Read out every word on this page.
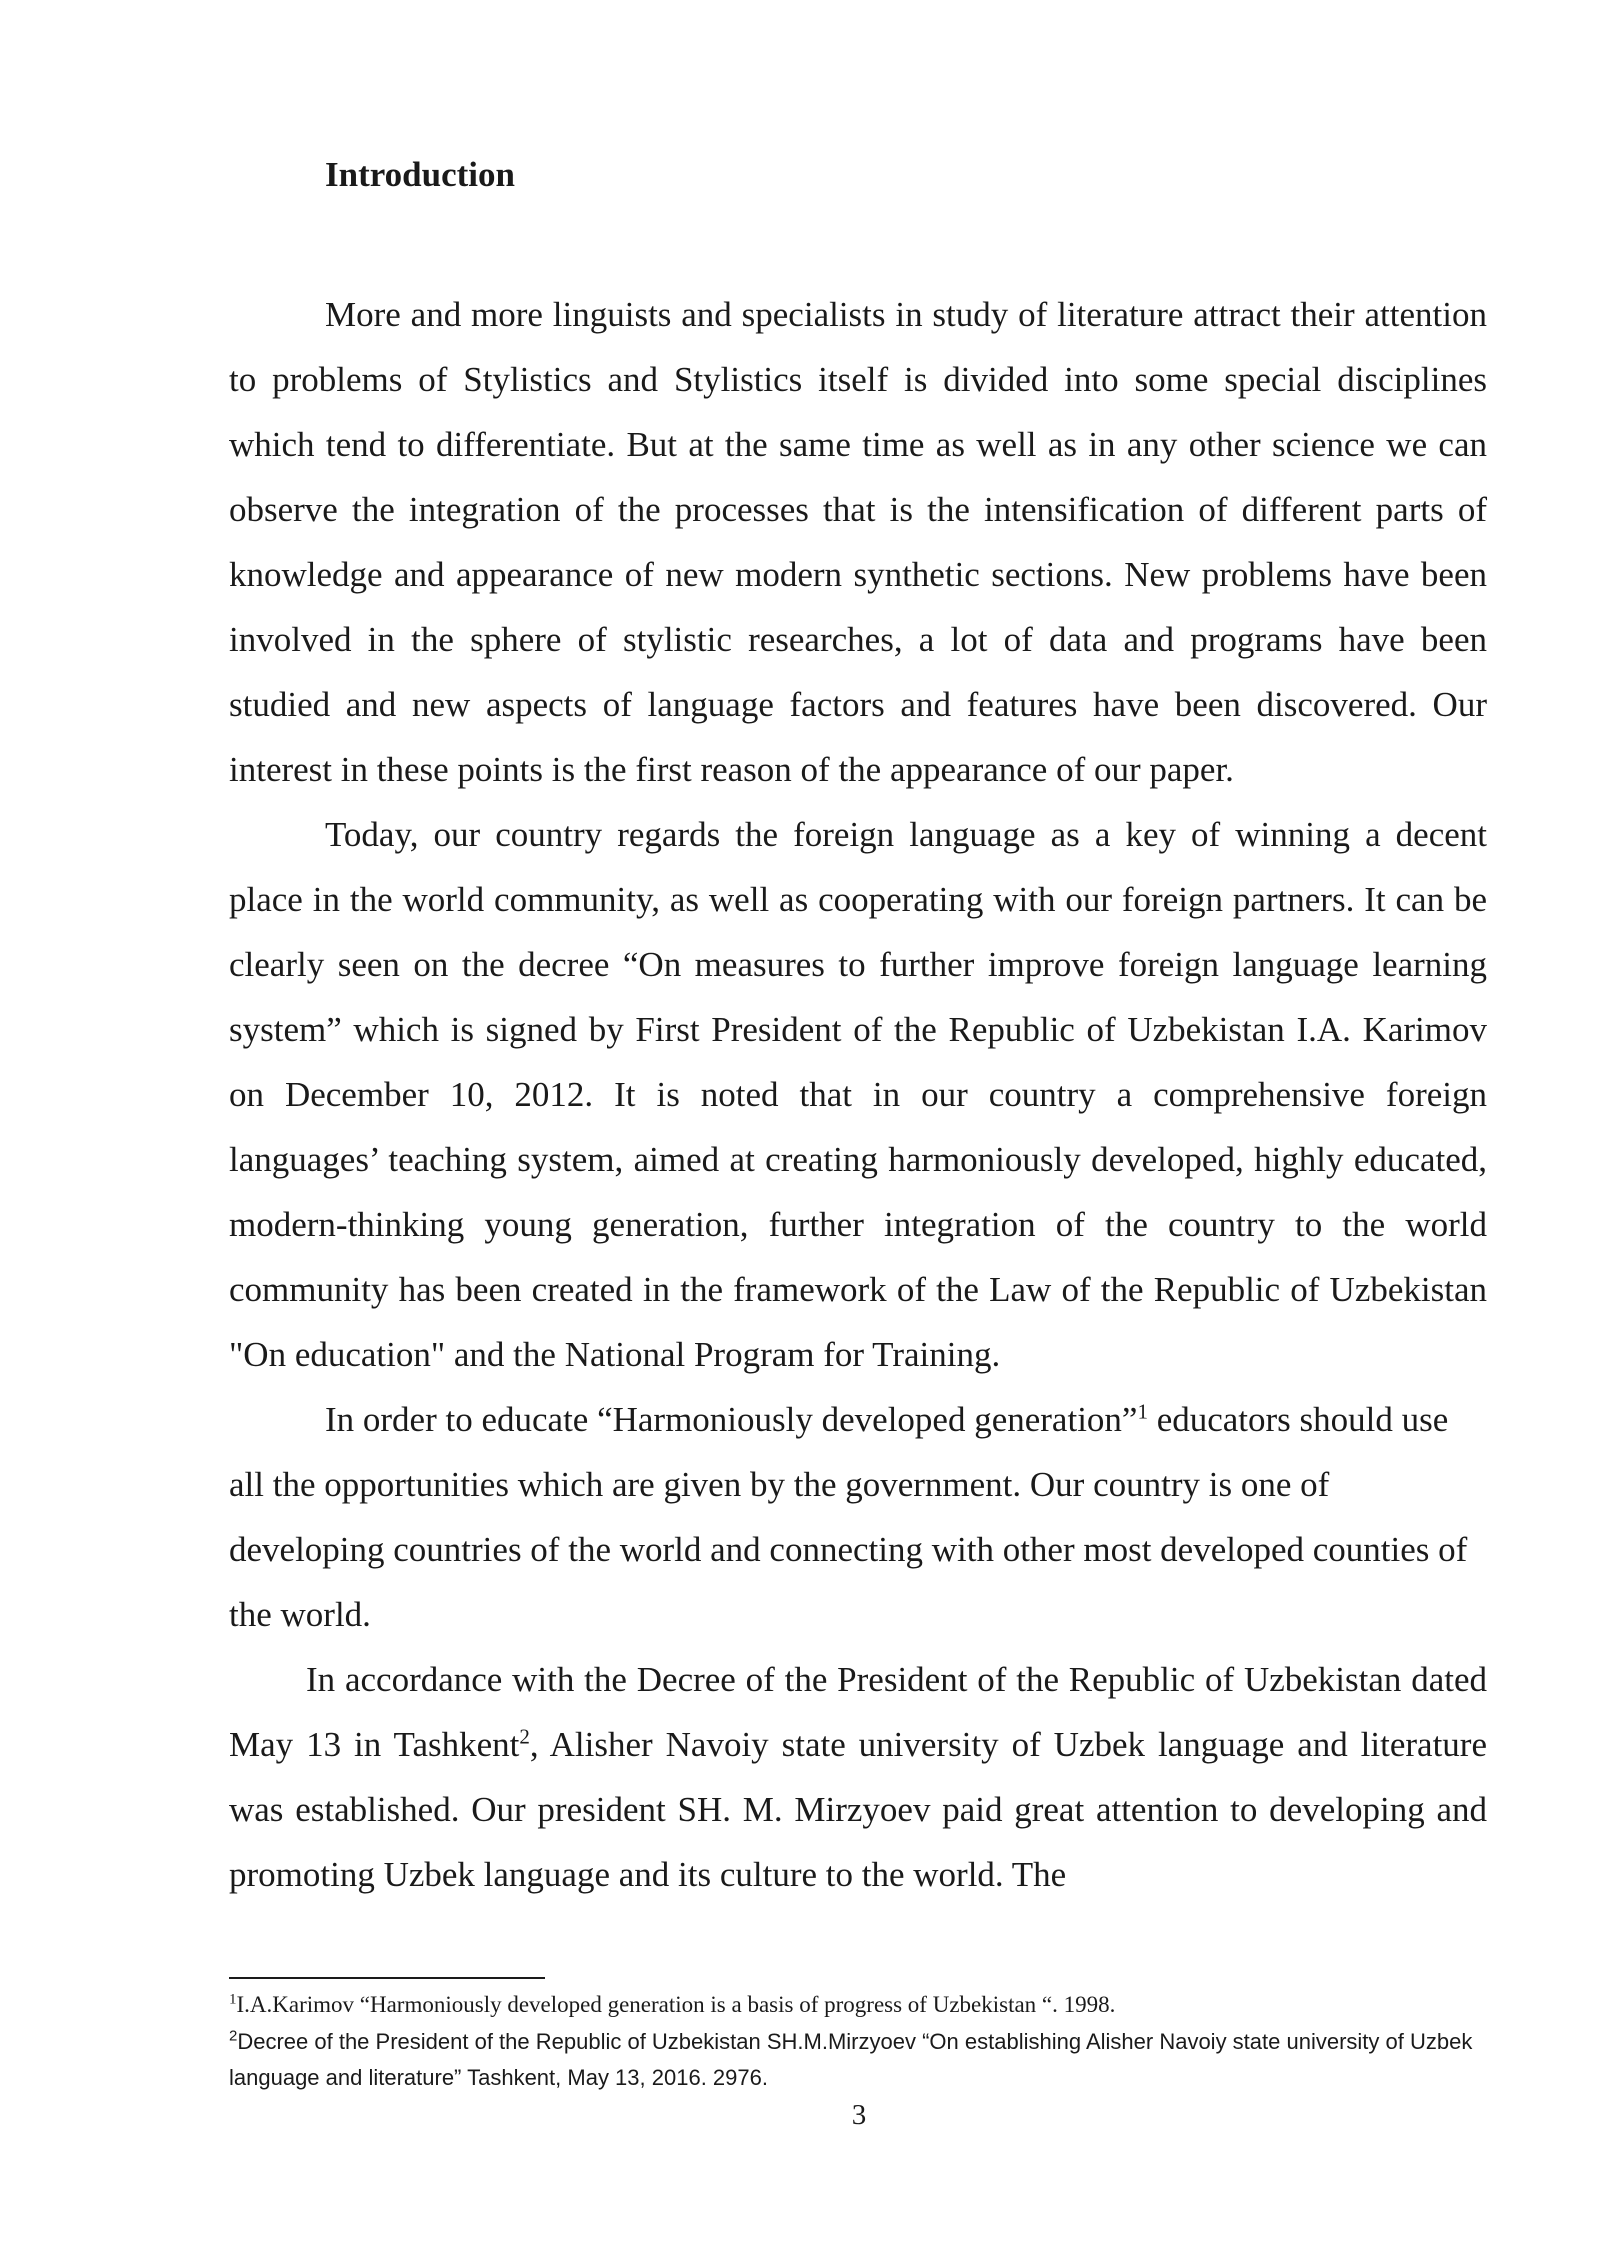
Introduction

More and more linguists and specialists in study of literature attract their attention to problems of Stylistics and Stylistics itself is divided into some special disciplines which tend to differentiate. But at the same time as well as in any other science we can observe the integration of the processes that is the intensification of different parts of knowledge and appearance of new modern synthetic sections. New problems have been involved in the sphere of stylistic researches, a lot of data and programs have been studied and new aspects of language factors and features have been discovered. Our interest in these points is the first reason of the appearance of our paper.

Today, our country regards the foreign language as a key of winning a decent place in the world community, as well as cooperating with our foreign partners. It can be clearly seen on the decree “On measures to further improve foreign language learning system” which is signed by First President of the Republic of Uzbekistan I.A. Karimov on December 10, 2012. It is noted that in our country a comprehensive foreign languages’ teaching system, aimed at creating harmoniously developed, highly educated, modern-thinking young generation, further integration of the country to the world community has been created in the framework of the Law of the Republic of Uzbekistan "On education" and the National Program for Training.

In order to educate “Harmoniously developed generation”$^1$ educators should use all the opportunities which are given by the government. Our country is one of developing countries of the world and connecting with other most developed counties of the world.

In accordance with the Decree of the President of the Republic of Uzbekistan dated May 13 in Tashkent$^2$, Alisher Navoiy state university of Uzbek language and literature was established. Our president SH. M. Mirzyoev paid great attention to developing and promoting Uzbek language and its culture to the world. The

$^1$I.A.Karimov “Harmoniously developed generation is a basis of progress of Uzbekistan “. 1998.

$^2$Decree of the President of the Republic of Uzbekistan SH.M.Mirzyoev “On establishing Alisher Navoiy state university of Uzbek language and literature” Tashkent, May 13, 2016. 2976.

3
